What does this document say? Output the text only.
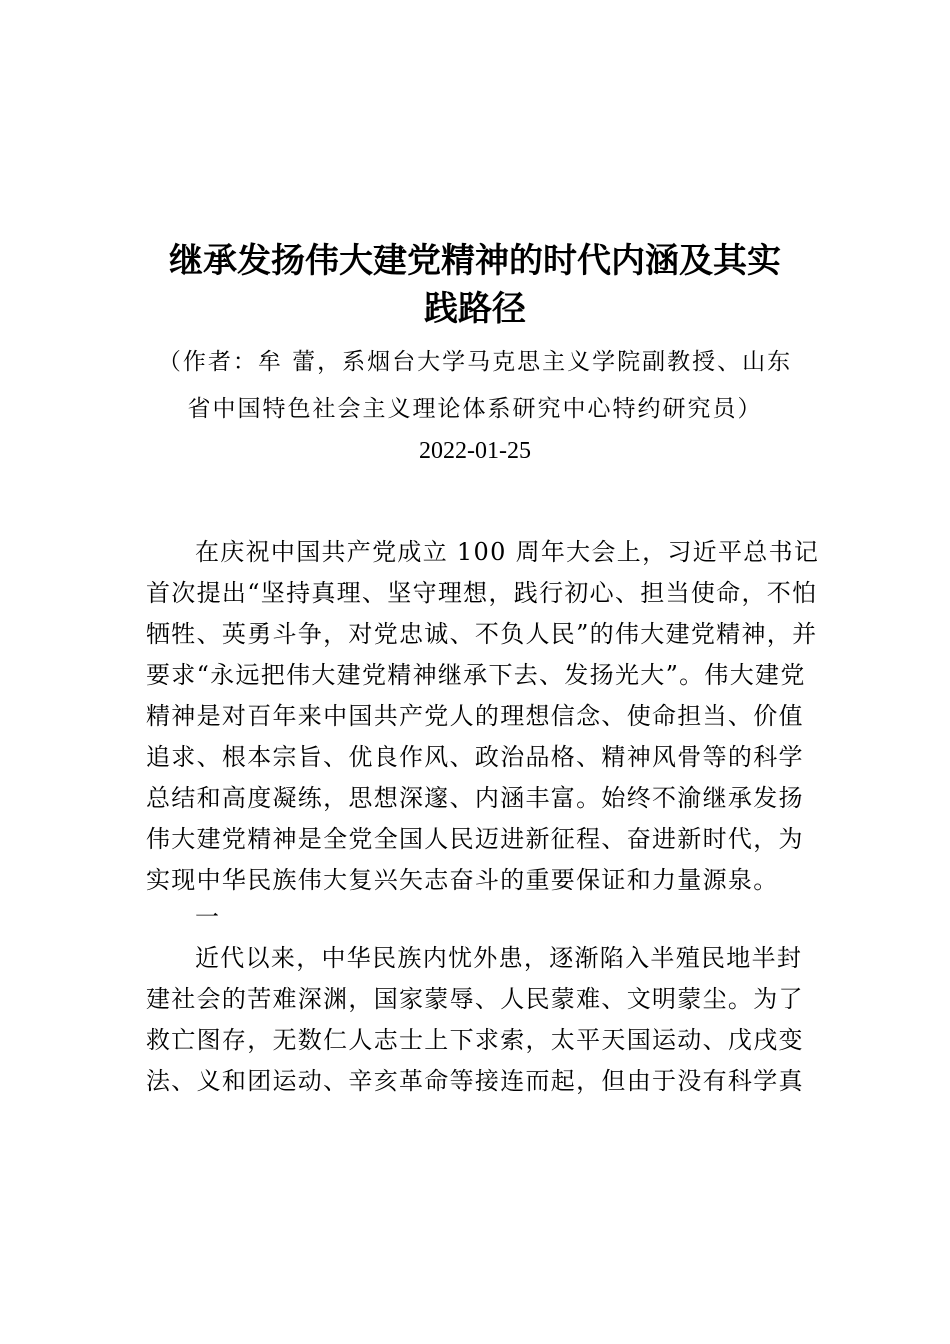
继承发扬伟大建党精神的时代内涵及其实
践路径

（作者：牟 蕾，系烟台大学马克思主义学院副教授、山东

省中国特色社会主义理论体系研究中心特约研究员）

2022-01-25

在庆祝中国共产党成立 100 周年大会上，习近平总书记

首次提出“坚持真理、坚守理想，践行初心、担当使命，不怕

牺牲、英勇斗争，对党忠诚、不负人民”的伟大建党精神，并

要求“永远把伟大建党精神继承下去、发扬光大”。伟大建党

精神是对百年来中国共产党人的理想信念、使命担当、价值

追求、根本宗旨、优良作风、政治品格、精神风骨等的科学

总结和高度凝练，思想深邃、内涵丰富。始终不渝继承发扬

伟大建党精神是全党全国人民迈进新征程、奋进新时代，为

实现中华民族伟大复兴矢志奋斗的重要保证和力量源泉。

一

近代以来，中华民族内忧外患，逐渐陷入半殖民地半封

建社会的苦难深渊，国家蒙辱、人民蒙难、文明蒙尘。为了

救亡图存，无数仁人志士上下求索，太平天国运动、戊戌变

法、义和团运动、辛亥革命等接连而起，但由于没有科学真
